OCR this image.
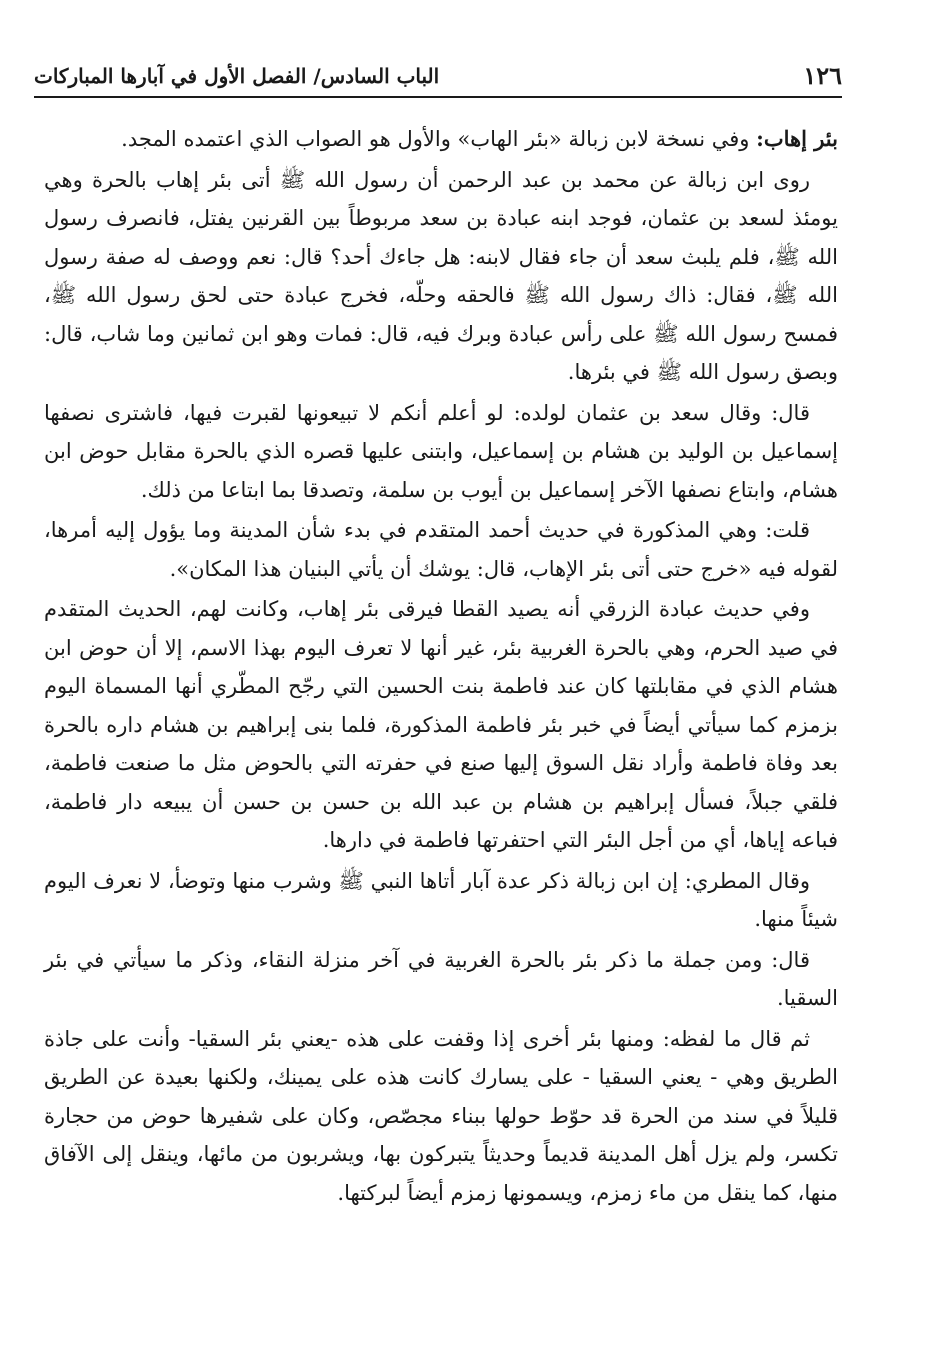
١٢٦
الباب السادس/ الفصل الأول في آبارها المباركات

بئر إهاب: وفي نسخة لابن زبالة «بئر الهاب» والأول هو الصواب الذي اعتمده المجد.

روى ابن زبالة عن محمد بن عبد الرحمن أن رسول الله ﷺ أتى بئر إهاب بالحرة وهي يومئذ لسعد بن عثمان، فوجد ابنه عبادة بن سعد مربوطاً بين القرنين يفتل، فانصرف رسول الله ﷺ، فلم يلبث سعد أن جاء فقال لابنه: هل جاءك أحد؟ قال: نعم ووصف له صفة رسول الله ﷺ، فقال: ذاك رسول الله ﷺ فالحقه وحلّه، فخرج عبادة حتى لحق رسول الله ﷺ، فمسح رسول الله ﷺ على رأس عبادة وبرك فيه، قال: فمات وهو ابن ثمانين وما شاب، قال: وبصق رسول الله ﷺ في بئرها.

قال: وقال سعد بن عثمان لولده: لو أعلم أنكم لا تبيعونها لقبرت فيها، فاشترى نصفها إسماعيل بن الوليد بن هشام بن إسماعيل، وابتنى عليها قصره الذي بالحرة مقابل حوض ابن هشام، وابتاع نصفها الآخر إسماعيل بن أيوب بن سلمة، وتصدقا بما ابتاعا من ذلك.

قلت: وهي المذكورة في حديث أحمد المتقدم في بدء شأن المدينة وما يؤول إليه أمرها، لقوله فيه «خرج حتى أتى بئر الإهاب، قال: يوشك أن يأتي البنيان هذا المكان».

وفي حديث عبادة الزرقي أنه يصيد القطا فيرقى بئر إهاب، وكانت لهم، الحديث المتقدم في صيد الحرم، وهي بالحرة الغربية بئر، غير أنها لا تعرف اليوم بهذا الاسم، إلا أن حوض ابن هشام الذي في مقابلتها كان عند فاطمة بنت الحسين التي رجّح المطّري أنها المسماة اليوم بزمزم كما سيأتي أيضاً في خبر بئر فاطمة المذكورة، فلما بنى إبراهيم بن هشام داره بالحرة بعد وفاة فاطمة وأراد نقل السوق إليها صنع في حفرته التي بالحوض مثل ما صنعت فاطمة، فلقي جبلاً، فسأل إبراهيم بن هشام بن عبد الله بن حسن بن حسن أن يبيعه دار فاطمة، فباعه إياها، أي من أجل البئر التي احتفرتها فاطمة في دارها.

وقال المطري: إن ابن زبالة ذكر عدة آبار أتاها النبي ﷺ وشرب منها وتوضأ، لا نعرف اليوم شيئاً منها.

قال: ومن جملة ما ذكر بئر بالحرة الغربية في آخر منزلة النقاء، وذكر ما سيأتي في بئر السقيا.

ثم قال ما لفظه: ومنها بئر أخرى إذا وقفت على هذه -يعني بئر السقيا- وأنت على جاذة الطريق وهي - يعني السقيا - على يسارك كانت هذه على يمينك، ولكنها بعيدة عن الطريق قليلاً في سند من الحرة قد حوّط حولها ببناء مجصّص، وكان على شفيرها حوض من حجارة تكسر، ولم يزل أهل المدينة قديماً وحديثاً يتبركون بها، ويشربون من مائها، وينقل إلى الآفاق منها، كما ينقل من ماء زمزم، ويسمونها زمزم أيضاً لبركتها.
